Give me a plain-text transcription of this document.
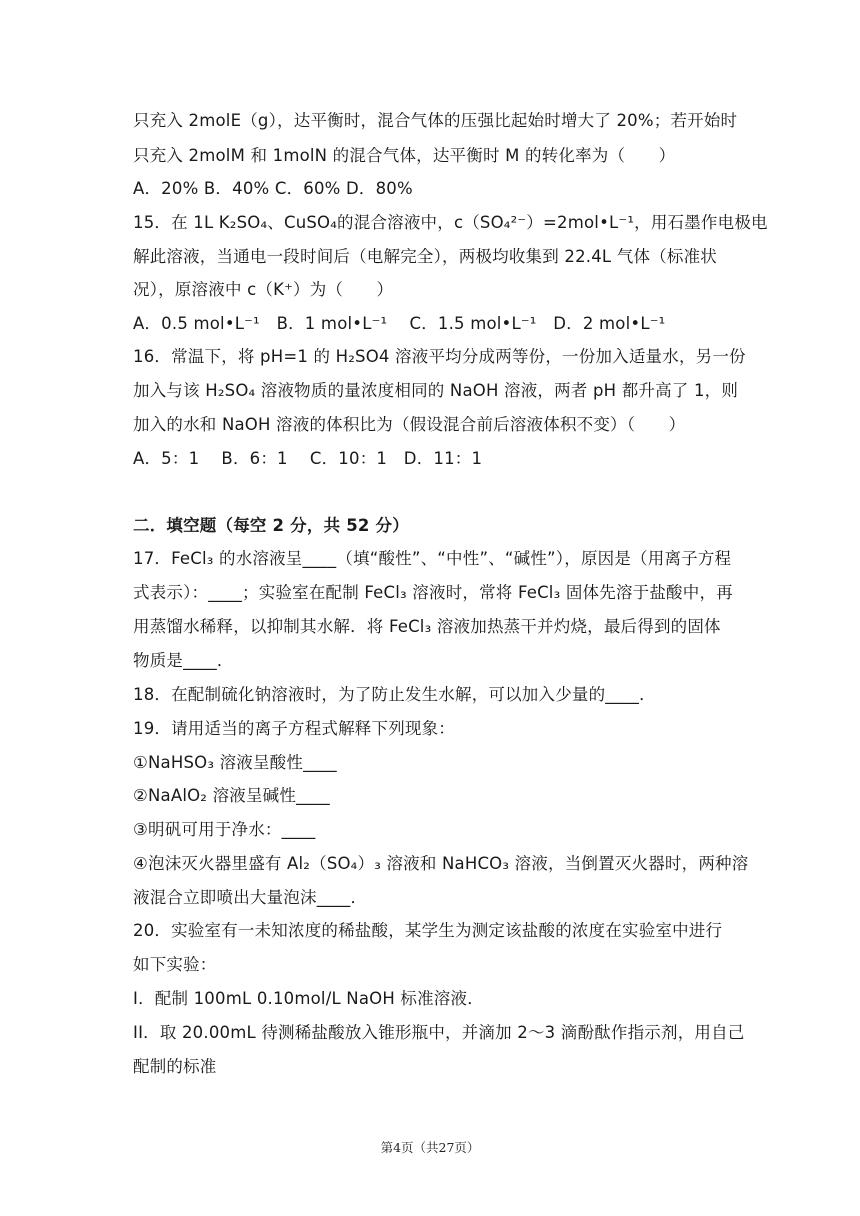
只充入 2molE（g），达平衡时，混合气体的压强比起始时增大了 20%；若开始时
只充入 2molM 和 1molN 的混合气体，达平衡时 M 的转化率为（　　）
A．20% B．40% C．60% D．80%
15．在 1L K₂SO₄、CuSO₄的混合溶液中，c（SO₄²⁻）=2mol•L⁻¹，用石墨作电极电
解此溶液，当通电一段时间后（电解完全），两极均收集到 22.4L 气体（标准状
况），原溶液中 c（K⁺）为（　　）
A．0.5 mol•L⁻¹　B．1 mol•L⁻¹　 C．1.5 mol•L⁻¹　D．2 mol•L⁻¹
16．常温下，将 pH=1 的 H₂SO4 溶液平均分成两等份，一份加入适量水，另一份
加入与该 H₂SO₄ 溶液物质的量浓度相同的 NaOH 溶液，两者 pH 都升高了 1，则
加入的水和 NaOH 溶液的体积比为（假设混合前后溶液体积不变）（　　）
A．5：1　 B．6：1　 C．10：1　D．11：1
二．填空题（每空 2 分，共 52 分）
17．FeCl₃ 的水溶液呈____（填“酸性”、“中性”、“碱性”），原因是（用离子方程
式表示）：____；实验室在配制 FeCl₃ 溶液时，常将 FeCl₃ 固体先溶于盐酸中，再
用蒸馏水稀释，以抑制其水解．将 FeCl₃ 溶液加热蒸干并灼烧，最后得到的固体
物质是____．
18．在配制硫化钠溶液时，为了防止发生水解，可以加入少量的____．
19．请用适当的离子方程式解释下列现象：
①NaHSO₃ 溶液呈酸性____
②NaAlO₂ 溶液呈碱性____
③明矾可用于净水：____
④泡沫灭火器里盛有 Al₂（SO₄）₃ 溶液和 NaHCO₃ 溶液，当倒置灭火器时，两种溶
液混合立即喷出大量泡沫____．
20．实验室有一未知浓度的稀盐酸，某学生为测定该盐酸的浓度在实验室中进行
如下实验：
I．配制 100mL 0.10mol/L NaOH 标准溶液．
II．取 20.00mL 待测稀盐酸放入锥形瓶中，并滴加 2～3 滴酚酞作指示剂，用自己
配制的标准
第4页（共27页）
